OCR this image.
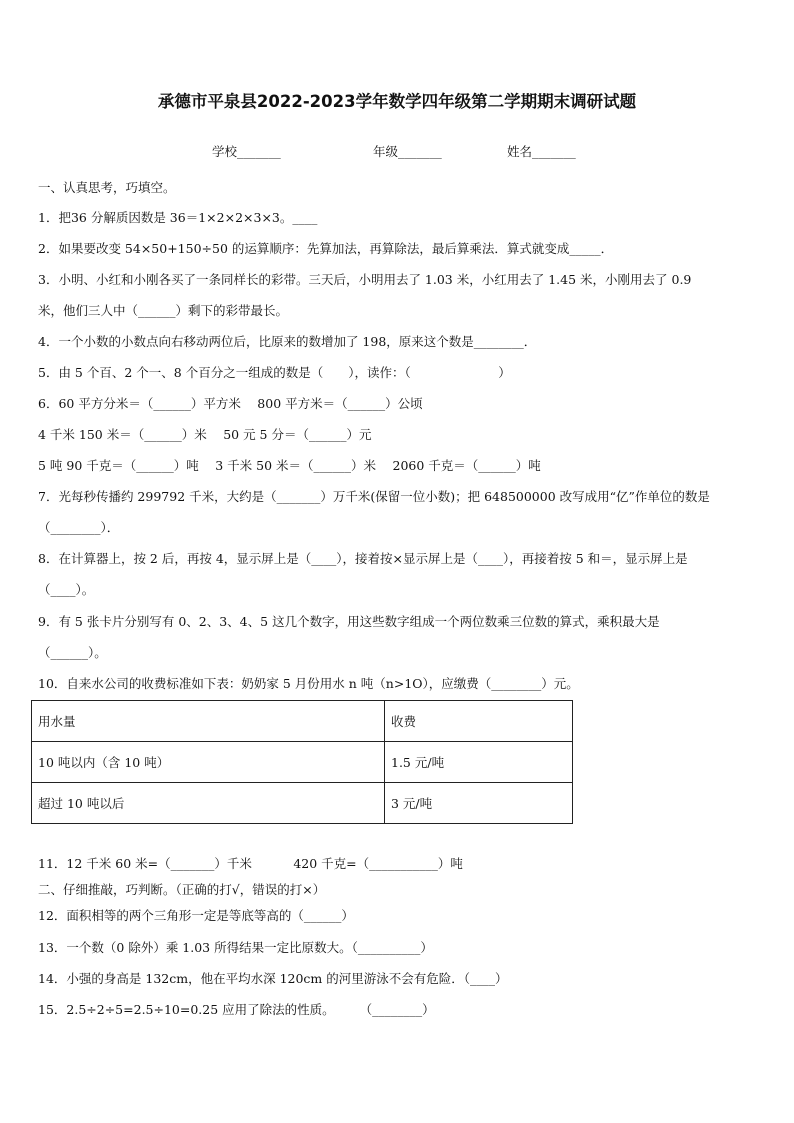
承德市平泉县2022-2023学年数学四年级第二学期期末调研试题
学校_______	年级_______	姓名_______
一、认真思考，巧填空。
1．把36 分解质因数是 36＝1×2×2×3×3。____
2．如果要改变 54×50+150÷50 的运算顺序：先算加法，再算除法，最后算乘法．算式就变成_____．
3．小明、小红和小刚各买了一条同样长的彩带。三天后，小明用去了 1.03 米，小红用去了 1.45 米，小刚用去了 0.9
米，他们三人中（______）剩下的彩带最长。
4．一个小数的小数点向右移动两位后，比原来的数增加了 198，原来这个数是________．
5．由 5 个百、2 个一、8 个百分之一组成的数是（　　），读作：（　　　　　　　）
6．60 平方分米＝（______）平方米　 800 平方米＝（______）公顷
4 千米 150 米＝（______）米　 50 元 5 分＝（______）元
5 吨 90 千克＝（______）吨　 3 千米 50 米＝（______）米　 2060 千克＝（______）吨
7．光每秒传播约 299792 千米，大约是（_______）万千米(保留一位小数)；把 648500000 改写成用“亿”作单位的数是
（________）．
8．在计算器上，按 2 后，再按 4，显示屏上是（____），接着按×显示屏上是（____），再接着按 5 和＝，显示屏上是
（____）。
9．有 5 张卡片分别写有 0、2、3、4、5 这几个数字，用这些数字组成一个两位数乘三位数的算式，乘积最大是
（______）。
10．自来水公司的收费标准如下表：奶奶家 5 月份用水 n 吨（n>1O），应缴费（________）元。
用水量	收费
10 吨以内（含 10 吨）	1.5 元/吨
超过 10 吨以后	3 元/吨
11．12 千米 60 米=（_______）千米　　　 420 千克=（___________）吨
二、仔细推敲，巧判断。（正确的打√，错误的打×）
12．面积相等的两个三角形一定是等底等高的（______）
13．一个数（0 除外）乘 1.03 所得结果一定比原数大。（__________）
14．小强的身高是 132cm，他在平均水深 120cm 的河里游泳不会有危险．（____）
15．2.5÷2÷5=2.5÷10=0.25 应用了除法的性质。　　　（________）
